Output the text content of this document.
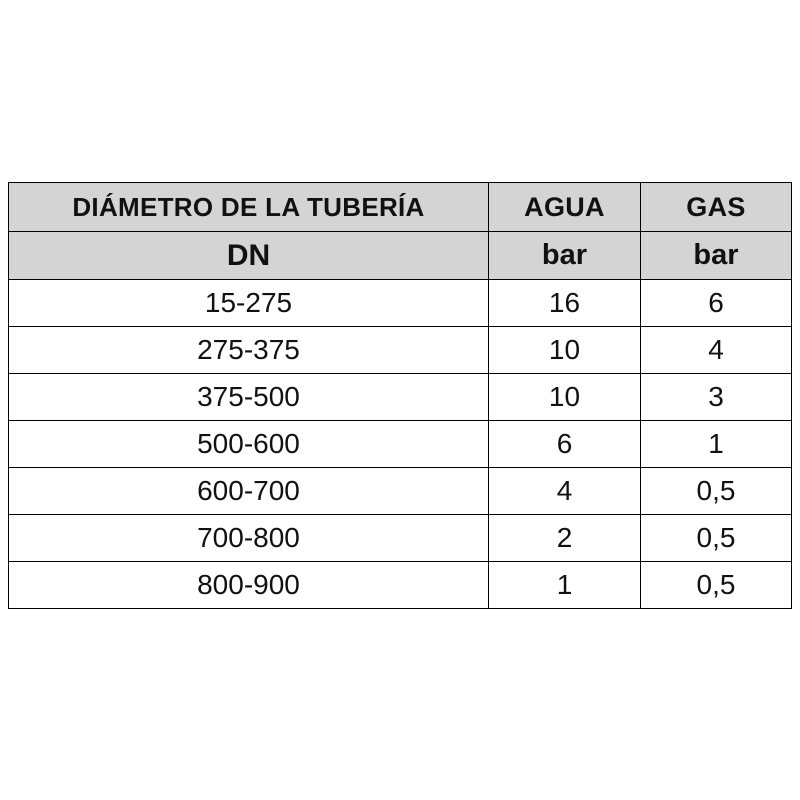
DIÁMETRO DE LA TUBERÍA	AGUA	GAS
DN	bar	bar
15-275	16	6
275-375	10	4
375-500	10	3
500-600	6	1
600-700	4	0,5
700-800	2	0,5
800-900	1	0,5
